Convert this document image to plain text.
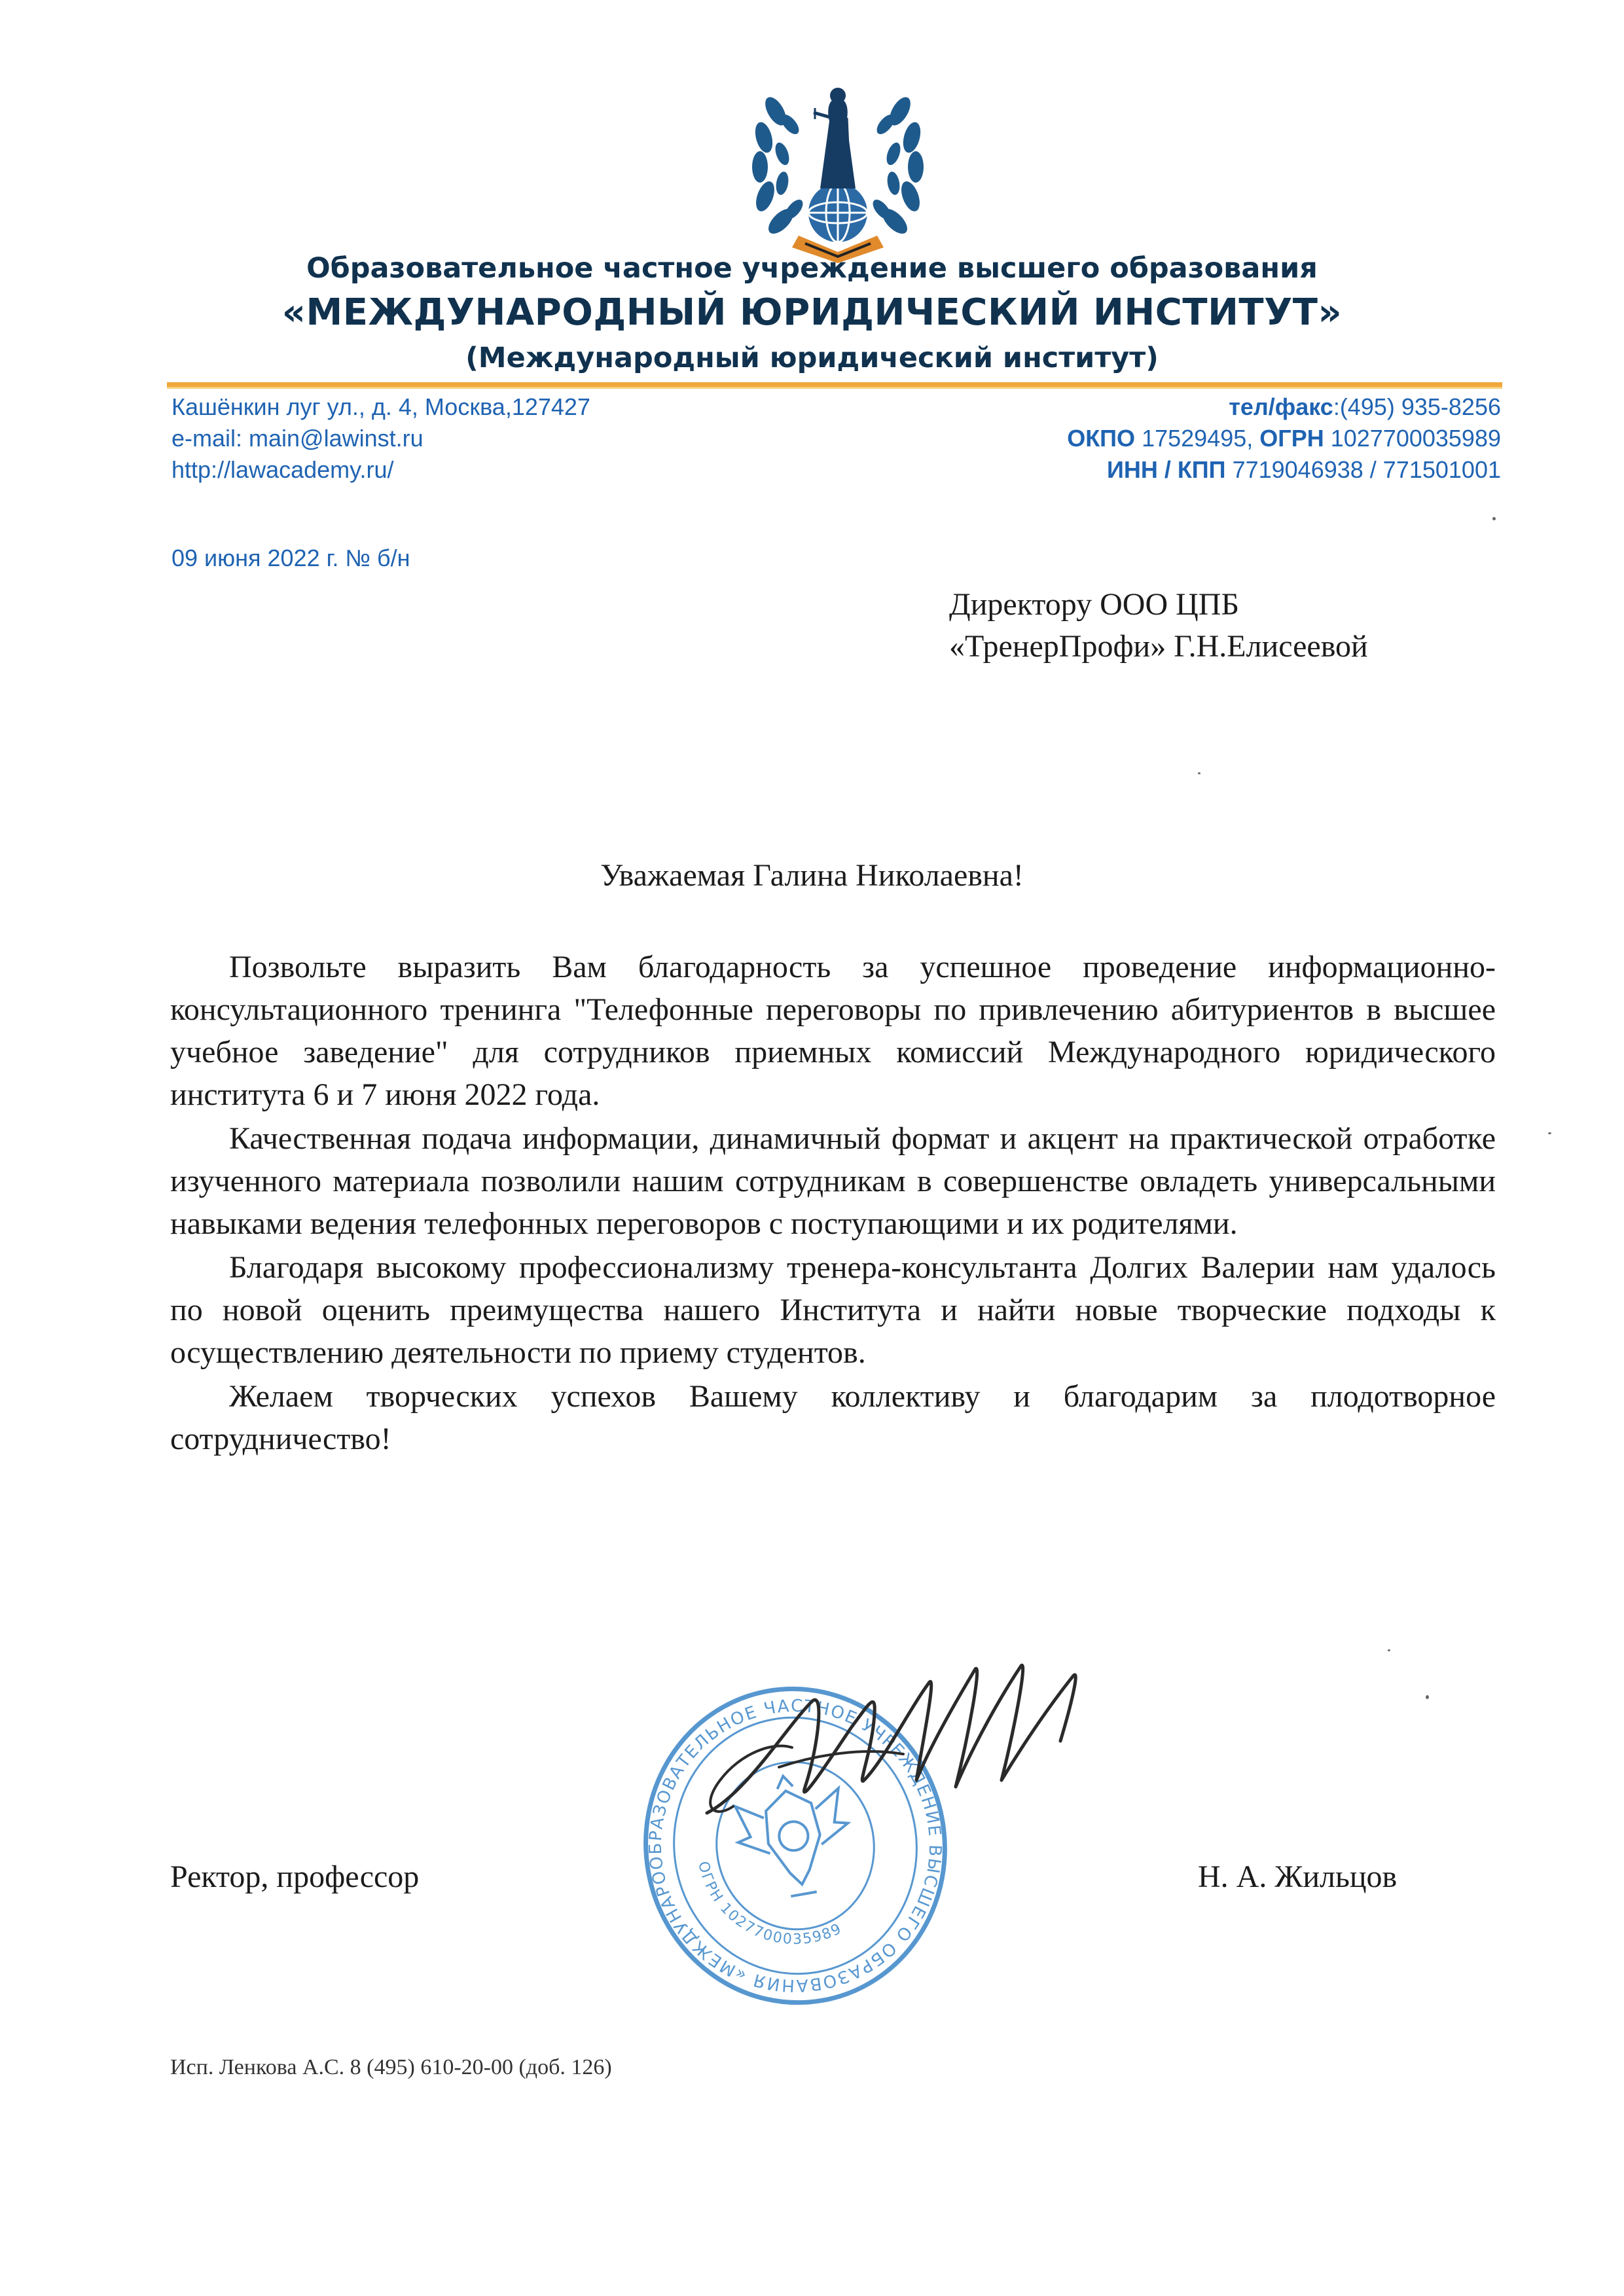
Образовательное частное учреждение высшего образования
«МЕЖДУНАРОДНЫЙ ЮРИДИЧЕСКИЙ ИНСТИТУТ»
(Международный юридический институт)
Кашёнкин луг ул., д. 4, Москва,127427
e-mail: main@lawinst.ru
http://lawacademy.ru/
тел/факс:(495) 935-8256
ОКПО 17529495, ОГРН 1027700035989
ИНН / КПП 7719046938 / 771501001
09 июня 2022 г. № б/н
Директору ООО ЦПБ
«ТренерПрофи» Г.Н.Елисеевой
Уважаемая Галина Николаевна!

Позвольте выразить Вам благодарность за успешное проведение информационно-консультационного тренинга "Телефонные переговоры по привлечению абитуриентов в высшее учебное заведение" для сотрудников приемных комиссий Международного юридического института 6 и 7 июня 2022 года.

Качественная подача информации, динамичный формат и акцент на практической отработке изученного материала позволили нашим сотрудникам в совершенстве овладеть универсальными навыками ведения телефонных переговоров с поступающими и их родителями.

Благодаря высокому профессионализму тренера-консультанта Долгих Валерии нам удалось по новой оценить преимущества нашего Института и найти новые творческие подходы к осуществлению деятельности по приему студентов.

Желаем творческих успехов Вашему коллективу и благодарим за плодотворное сотрудничество!

ОБРАЗОВАТЕЛЬНОЕ ЧАСТНОЕ УЧРЕЖДЕНИЕ ВЫСШЕГО ОБРАЗОВАНИЯ «МЕЖДУНАРОДНЫЙ
ОГРН 1027700035989
Ректор, профессор	Н. А. Жильцов
Исп. Ленкова А.С. 8 (495) 610-20-00 (доб. 126)
